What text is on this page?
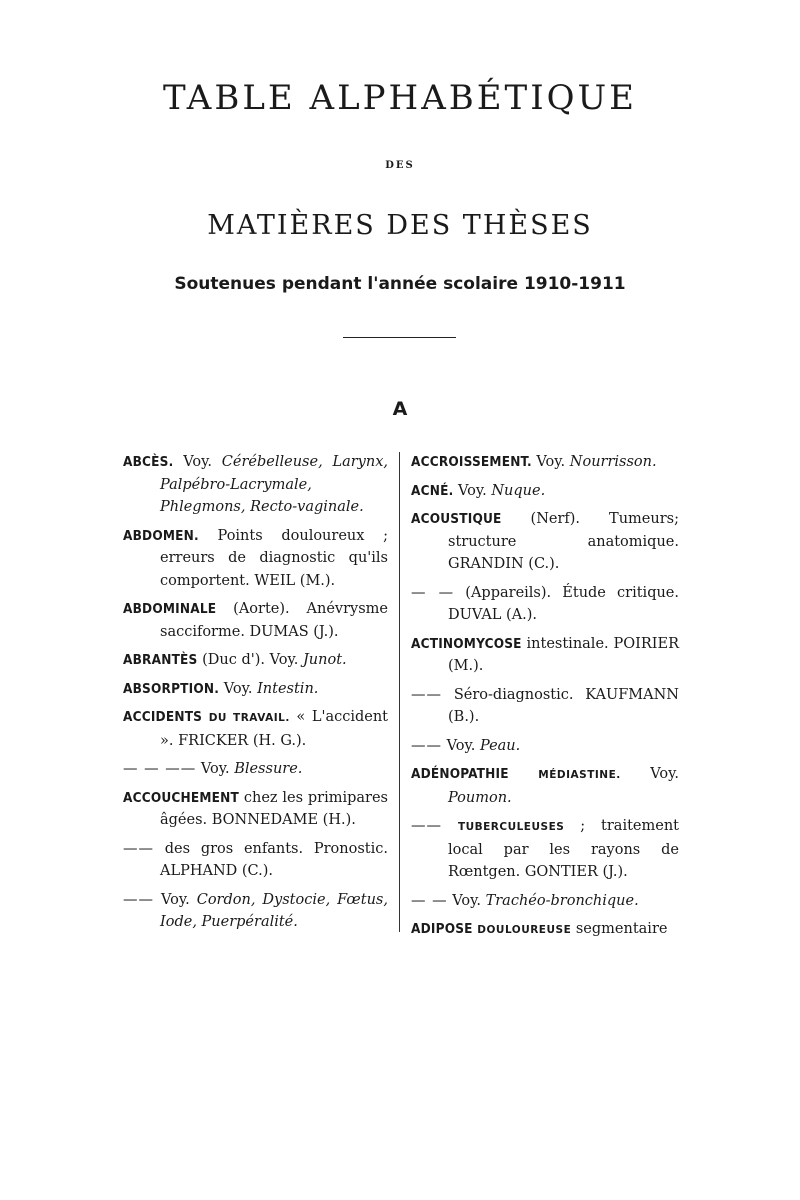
TABLE ALPHABÉTIQUE
DES
MATIÈRES DES THÈSES
Soutenues pendant l'année scolaire 1910-1911
A
ABCÈS. Voy. Cérébelleuse, Larynx, Palpébro-Lacrymale, Phlegmons, Recto-vaginale.
ABDOMEN. Points douloureux ; erreurs de diagnostic qu'ils comportent. WEIL (M.).
ABDOMINALE (Aorte). Anévrysme sacciforme. DUMAS (J.).
ABRANTÈS (Duc d'). Voy. Junot.
ABSORPTION. Voy. Intestin.
ACCIDENTS DU TRAVAIL. « L'accident ». FRICKER (H. G.).
— — —— Voy. Blessure.
ACCOUCHEMENT chez les primipares âgées. BONNEDAME (H.).
—— des gros enfants. Pronostic. ALPHAND (C.).
—— Voy. Cordon, Dystocie, Fœtus, Iode, Puerpéralité.
ACCROISSEMENT. Voy. Nourrisson.
ACNÉ. Voy. Nuque.
ACOUSTIQUE (Nerf). Tumeurs; structure anatomique. GRANDIN (C.).
— — (Appareils). Étude critique. DUVAL (A.).
ACTINOMYCOSE intestinale. POIRIER (M.).
—— Séro-diagnostic. KAUFMANN (B.).
—— Voy. Peau.
ADÉNOPATHIE	MÉDIASTINE. Voy. Poumon.
—— TUBERCULEUSES ; traitement local par les rayons de Rœntgen. GONTIER (J.).
— — Voy. Trachéo-bronchique.
ADIPOSE DOULOUREUSE segmentaire
